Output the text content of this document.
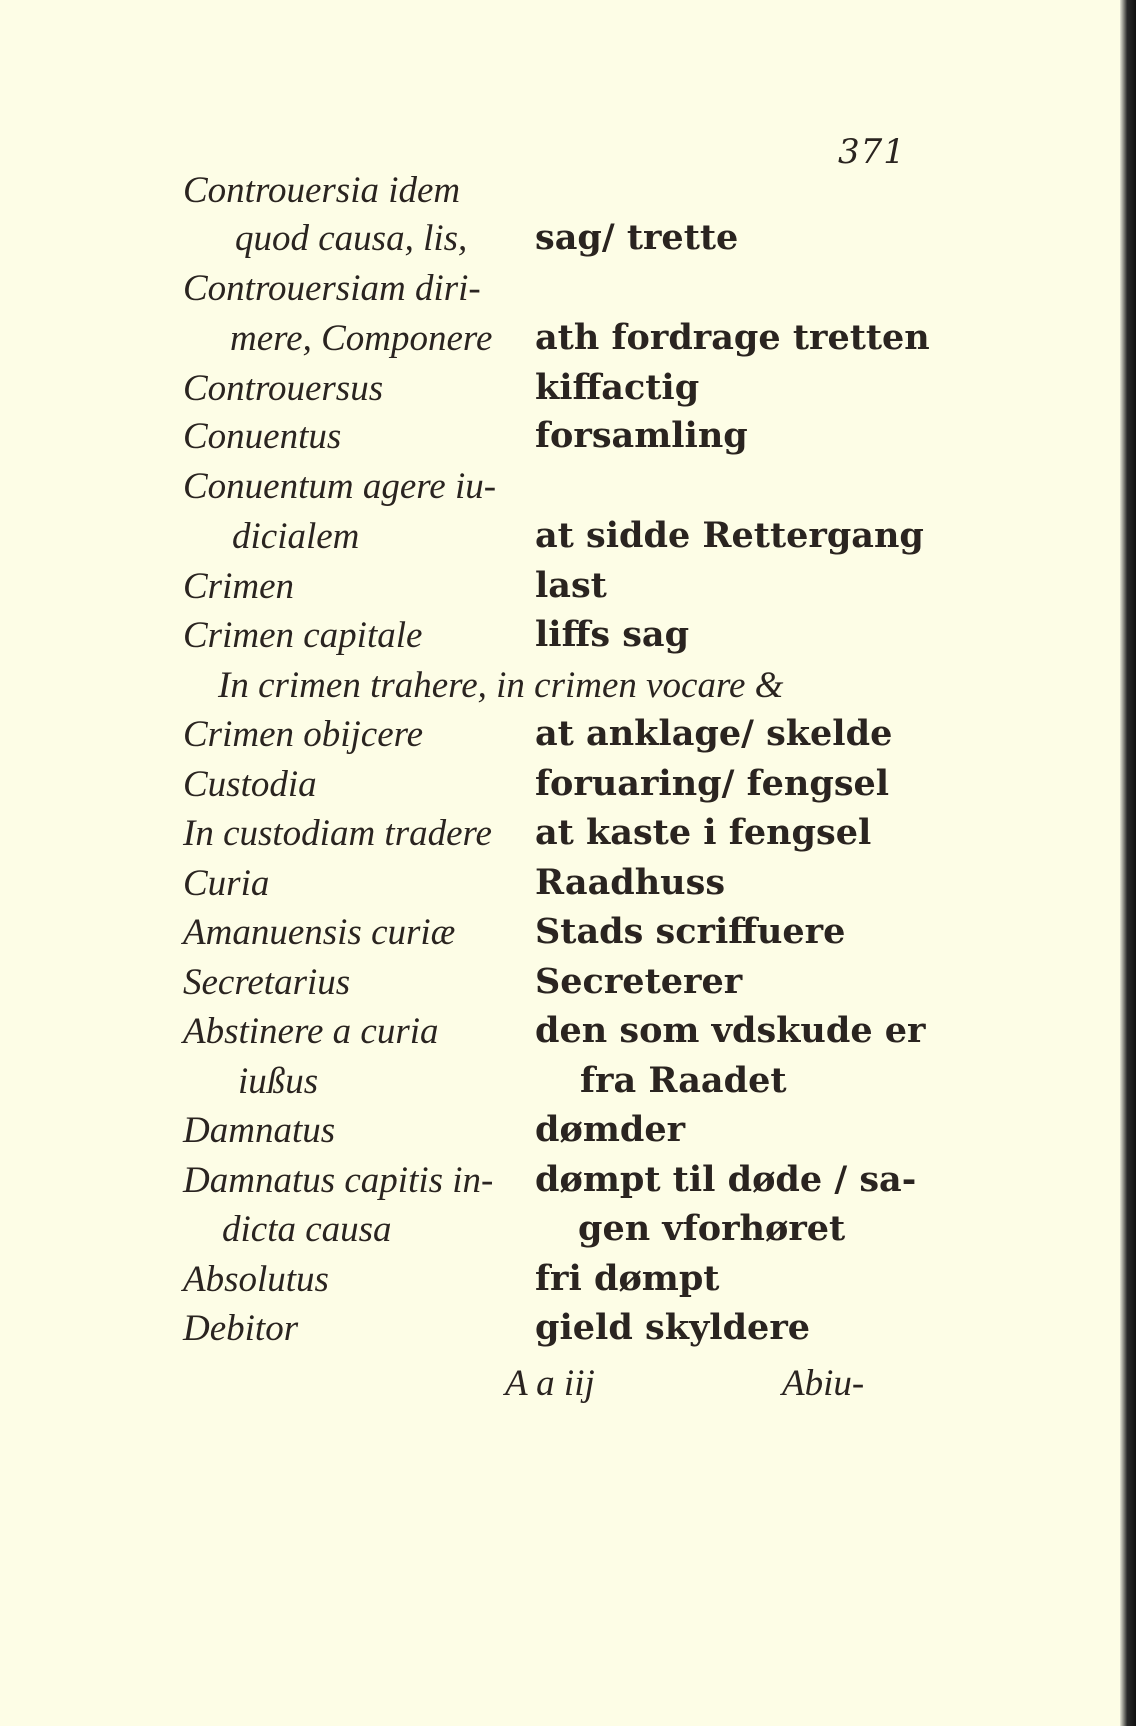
371
Controuersia idem
quod causa, lis,
Controuersiam diri-
mere, Componere
Controuersus
Conuentus
Conuentum agere iu-
dicialem
Crimen
Crimen capitale
In crimen trahere, in crimen vocare &
Crimen obijcere
Custodia
In custodiam tradere
Curia
Amanuensis curiæ
Secretarius
Abstinere a curia
iußus
Damnatus
Damnatus capitis in-
dicta causa
Absolutus
Debitor
sag/ trette
ath fordrage tretten
kiffactig
forsamling
at sidde Rettergang
last
liffs sag
at anklage/ skelde
foruaring/ fengsel
at kaste i fengsel
Raadhuss
Stads scriffuere
Secreterer
den som vdskude er
fra Raadet
dømder
dømpt til døde / sa-
gen vforhøret
fri dømpt
gield skyldere
A a iij	Abiu-
